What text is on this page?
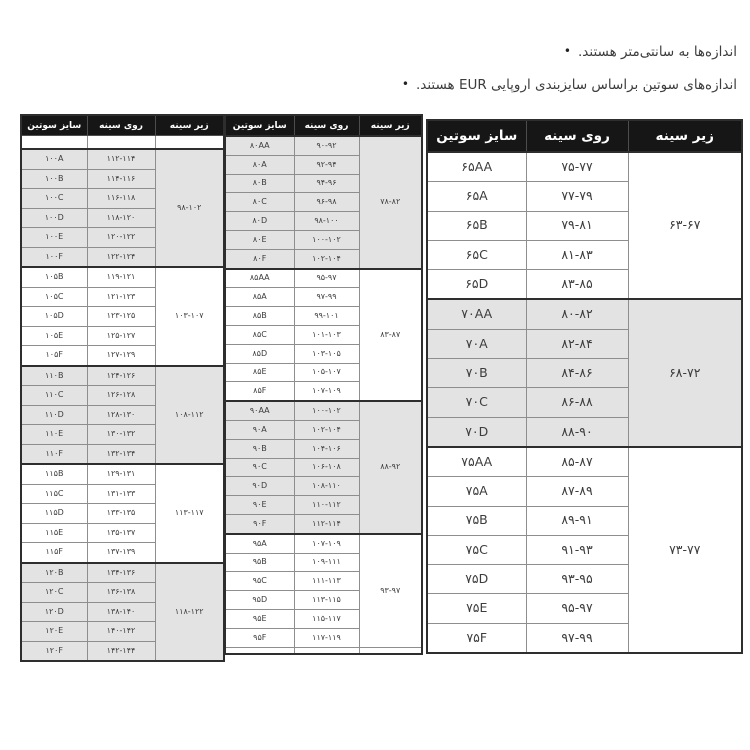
اندازه‌ها به سانتی‌متر هستند.•
اندازه‌های سوتین براساس سایزبندی اروپایی EUR هستند.•
سایز سوتین	روی سینه	زیر سینه
۶۵AA	۷۵-۷۷	۶۳-۶۷
۶۵A	۷۷-۷۹	
۶۵B	۷۹-۸۱	
۶۵C	۸۱-۸۳	
۶۵D	۸۳-۸۵	
۷۰AA	۸۰-۸۲	۶۸-۷۲
۷۰A	۸۲-۸۴	
۷۰B	۸۴-۸۶	
۷۰C	۸۶-۸۸	
۷۰D	۸۸-۹۰	
۷۵AA	۸۵-۸۷	۷۳-۷۷
۷۵A	۸۷-۸۹	
۷۵B	۸۹-۹۱	
۷۵C	۹۱-۹۳	
۷۵D	۹۳-۹۵	
۷۵E	۹۵-۹۷	
۷۵F	۹۷-۹۹	
سایز سوتین	روی سینه	زیر سینه
۸۰AA	۹۰-۹۲	۷۸-۸۲
۸۰A	۹۲-۹۴	
۸۰B	۹۴-۹۶	
۸۰C	۹۶-۹۸	
۸۰D	۹۸-۱۰۰	
۸۰E	۱۰۰-۱۰۲	
۸۰F	۱۰۲-۱۰۴	
۸۵AA	۹۵-۹۷	۸۳-۸۷
۸۵A	۹۷-۹۹	
۸۵B	۹۹-۱۰۱	
۸۵C	۱۰۱-۱۰۳	
۸۵D	۱۰۳-۱۰۵	
۸۵E	۱۰۵-۱۰۷	
۸۵F	۱۰۷-۱۰۹	
۹۰AA	۱۰۰-۱۰۲	۸۸-۹۲
۹۰A	۱۰۲-۱۰۴	
۹۰B	۱۰۴-۱۰۶	
۹۰C	۱۰۶-۱۰۸	
۹۰D	۱۰۸-۱۱۰	
۹۰E	۱۱۰-۱۱۲	
۹۰F	۱۱۲-۱۱۴	
۹۵A	۱۰۷-۱۰۹	۹۳-۹۷
۹۵B	۱۰۹-۱۱۱	
۹۵C	۱۱۱-۱۱۳	
۹۵D	۱۱۳-۱۱۵	
۹۵E	۱۱۵-۱۱۷	
۹۵F	۱۱۷-۱۱۹	

سایز سوتین	روی سینه	زیر سینه

۱۰۰A	۱۱۲-۱۱۴	۹۸-۱۰۲
۱۰۰B	۱۱۴-۱۱۶	
۱۰۰C	۱۱۶-۱۱۸	
۱۰۰D	۱۱۸-۱۲۰	
۱۰۰E	۱۲۰-۱۲۲	
۱۰۰F	۱۲۲-۱۲۴	
۱۰۵B	۱۱۹-۱۲۱	۱۰۳-۱۰۷
۱۰۵C	۱۲۱-۱۲۳	
۱۰۵D	۱۲۳-۱۲۵	
۱۰۵E	۱۲۵-۱۲۷	
۱۰۵F	۱۲۷-۱۲۹	
۱۱۰B	۱۲۴-۱۲۶	۱۰۸-۱۱۲
۱۱۰C	۱۲۶-۱۲۸	
۱۱۰D	۱۲۸-۱۳۰	
۱۱۰E	۱۳۰-۱۳۲	
۱۱۰F	۱۳۲-۱۳۴	
۱۱۵B	۱۲۹-۱۳۱	۱۱۳-۱۱۷
۱۱۵C	۱۳۱-۱۳۳	
۱۱۵D	۱۳۳-۱۳۵	
۱۱۵E	۱۳۵-۱۳۷	
۱۱۵F	۱۳۷-۱۳۹	
۱۲۰B	۱۳۴-۱۳۶	۱۱۸-۱۲۲
۱۲۰C	۱۳۶-۱۳۸	
۱۲۰D	۱۳۸-۱۴۰	
۱۲۰E	۱۴۰-۱۴۲	
۱۲۰F	۱۴۲-۱۴۴	
